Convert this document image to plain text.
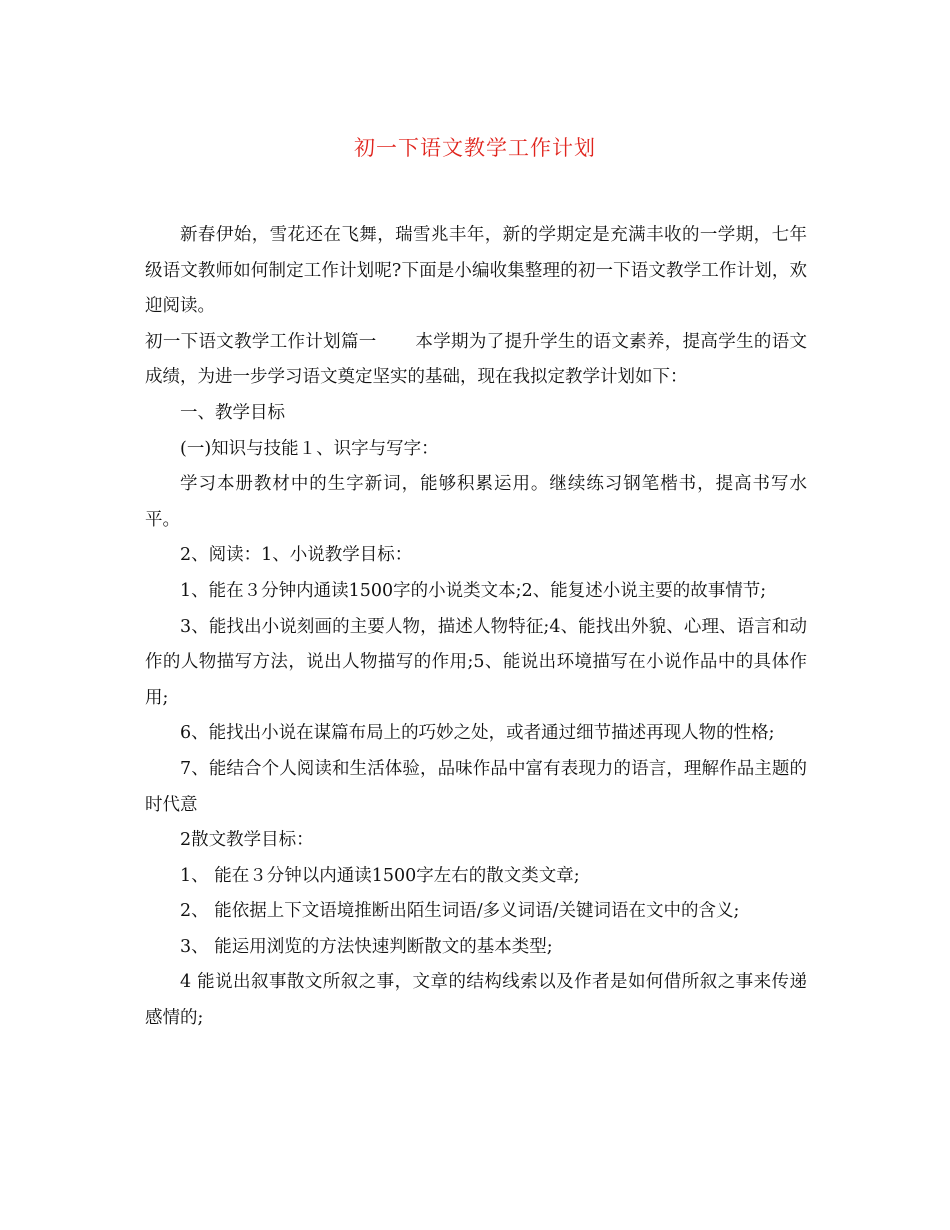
初一下语文教学工作计划

新春伊始，雪花还在飞舞，瑞雪兆丰年，新的学期定是充满丰收的一学期，七年级语文教师如何制定工作计划呢?下面是小编收集整理的初一下语文教学工作计划，欢迎阅读。

初一下语文教学工作计划篇一 本学期为了提升学生的语文素养，提高学生的语文成绩，为进一步学习语文奠定坚实的基础，现在我拟定教学计划如下：

一、教学目标

(一)知识与技能１、识字与写字：

学习本册教材中的生字新词，能够积累运用。继续练习钢笔楷书，提高书写水平。

2、阅读：1、小说教学目标：

1、能在３分钟内通读1500字的小说类文本;2、能复述小说主要的故事情节;

3、能找出小说刻画的主要人物，描述人物特征;4、能找出外貌、心理、语言和动作的人物描写方法，说出人物描写的作用;5、能说出环境描写在小说作品中的具体作用;

6、能找出小说在谋篇布局上的巧妙之处，或者通过细节描述再现人物的性格;

7、能结合个人阅读和生活体验，品味作品中富有表现力的语言，理解作品主题的时代意

2散文教学目标：

1、 能在３分钟以内通读1500字左右的散文类文章;

2、 能依据上下文语境推断出陌生词语/多义词语/关键词语在文中的含义;

3、 能运用浏览的方法快速判断散文的基本类型;

4 能说出叙事散文所叙之事，文章的结构线索以及作者是如何借所叙之事来传递感情的;
